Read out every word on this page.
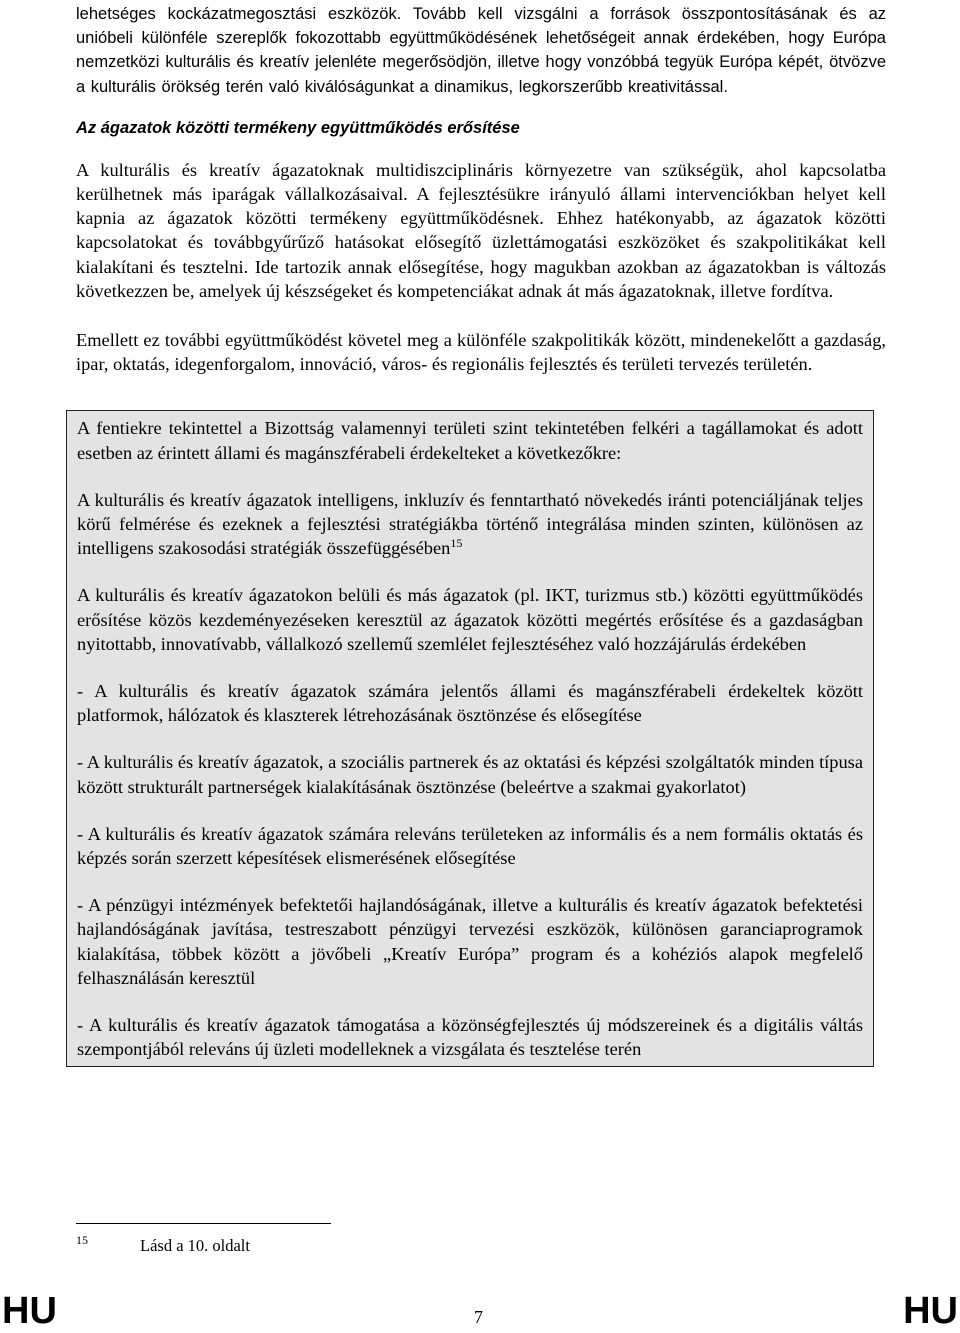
lehetséges kockázatmegosztási eszközök. Tovább kell vizsgálni a források összpontosításának és az unióbeli különféle szereplők fokozottabb együttműködésének lehetőségeit annak érdekében, hogy Európa nemzetközi kulturális és kreatív jelenléte megerősödjön, illetve hogy vonzóbbá tegyük Európa képét, ötvözve a kulturális örökség terén való kiválóságunkat a dinamikus, legkorszerűbb kreativitással.

Az ágazatok közötti termékeny együttműködés erősítése

A kulturális és kreatív ágazatoknak multidiszciplináris környezetre van szükségük, ahol kapcsolatba kerülhetnek más iparágak vállalkozásaival. A fejlesztésükre irányuló állami intervenciókban helyet kell kapnia az ágazatok közötti termékeny együttműködésnek. Ehhez hatékonyabb, az ágazatok közötti kapcsolatokat és továbbgyűrűző hatásokat elősegítő üzlettámogatási eszközöket és szakpolitikákat kell kialakítani és tesztelni. Ide tartozik annak elősegítése, hogy magukban azokban az ágazatokban is változás következzen be, amelyek új készségeket és kompetenciákat adnak át más ágazatoknak, illetve fordítva.

Emellett ez további együttműködést követel meg a különféle szakpolitikák között, mindenekelőtt a gazdaság, ipar, oktatás, idegenforgalom, innováció, város- és regionális fejlesztés és területi tervezés területén.

A fentiekre tekintettel a Bizottság valamennyi területi szint tekintetében felkéri a tagállamokat és adott esetben az érintett állami és magánszférabeli érdekelteket a következőkre:

A kulturális és kreatív ágazatok intelligens, inkluzív és fenntartható növekedés iránti potenciáljának teljes körű felmérése és ezeknek a fejlesztési stratégiákba történő integrálása minden szinten, különösen az intelligens szakosodási stratégiák összefüggésében$^{15}$

A kulturális és kreatív ágazatokon belüli és más ágazatok (pl. IKT, turizmus stb.) közötti együttműködés erősítése közös kezdeményezéseken keresztül az ágazatok közötti megértés erősítése és a gazdaságban nyitottabb, innovatívabb, vállalkozó szellemű szemlélet fejlesztéséhez való hozzájárulás érdekében

- A kulturális és kreatív ágazatok számára jelentős állami és magánszférabeli érdekeltek között platformok, hálózatok és klaszterek létrehozásának ösztönzése és elősegítése

- A kulturális és kreatív ágazatok, a szociális partnerek és az oktatási és képzési szolgáltatók minden típusa között strukturált partnerségek kialakításának ösztönzése (beleértve a szakmai gyakorlatot)

- A kulturális és kreatív ágazatok számára releváns területeken az informális és a nem formális oktatás és képzés során szerzett képesítések elismerésének elősegítése

- A pénzügyi intézmények befektetői hajlandóságának, illetve a kulturális és kreatív ágazatok befektetési hajlandóságának javítása, testreszabott pénzügyi tervezési eszközök, különösen garanciaprogramok kialakítása, többek között a jövőbeli „Kreatív Európa” program és a kohéziós alapok megfelelő felhasználásán keresztül

- A kulturális és kreatív ágazatok támogatása a közönségfejlesztés új módszereinek és a digitális váltás szempontjából releváns új üzleti modelleknek a vizsgálata és tesztelése terén

15	Lásd a 10. oldalt
HU	7	HU
